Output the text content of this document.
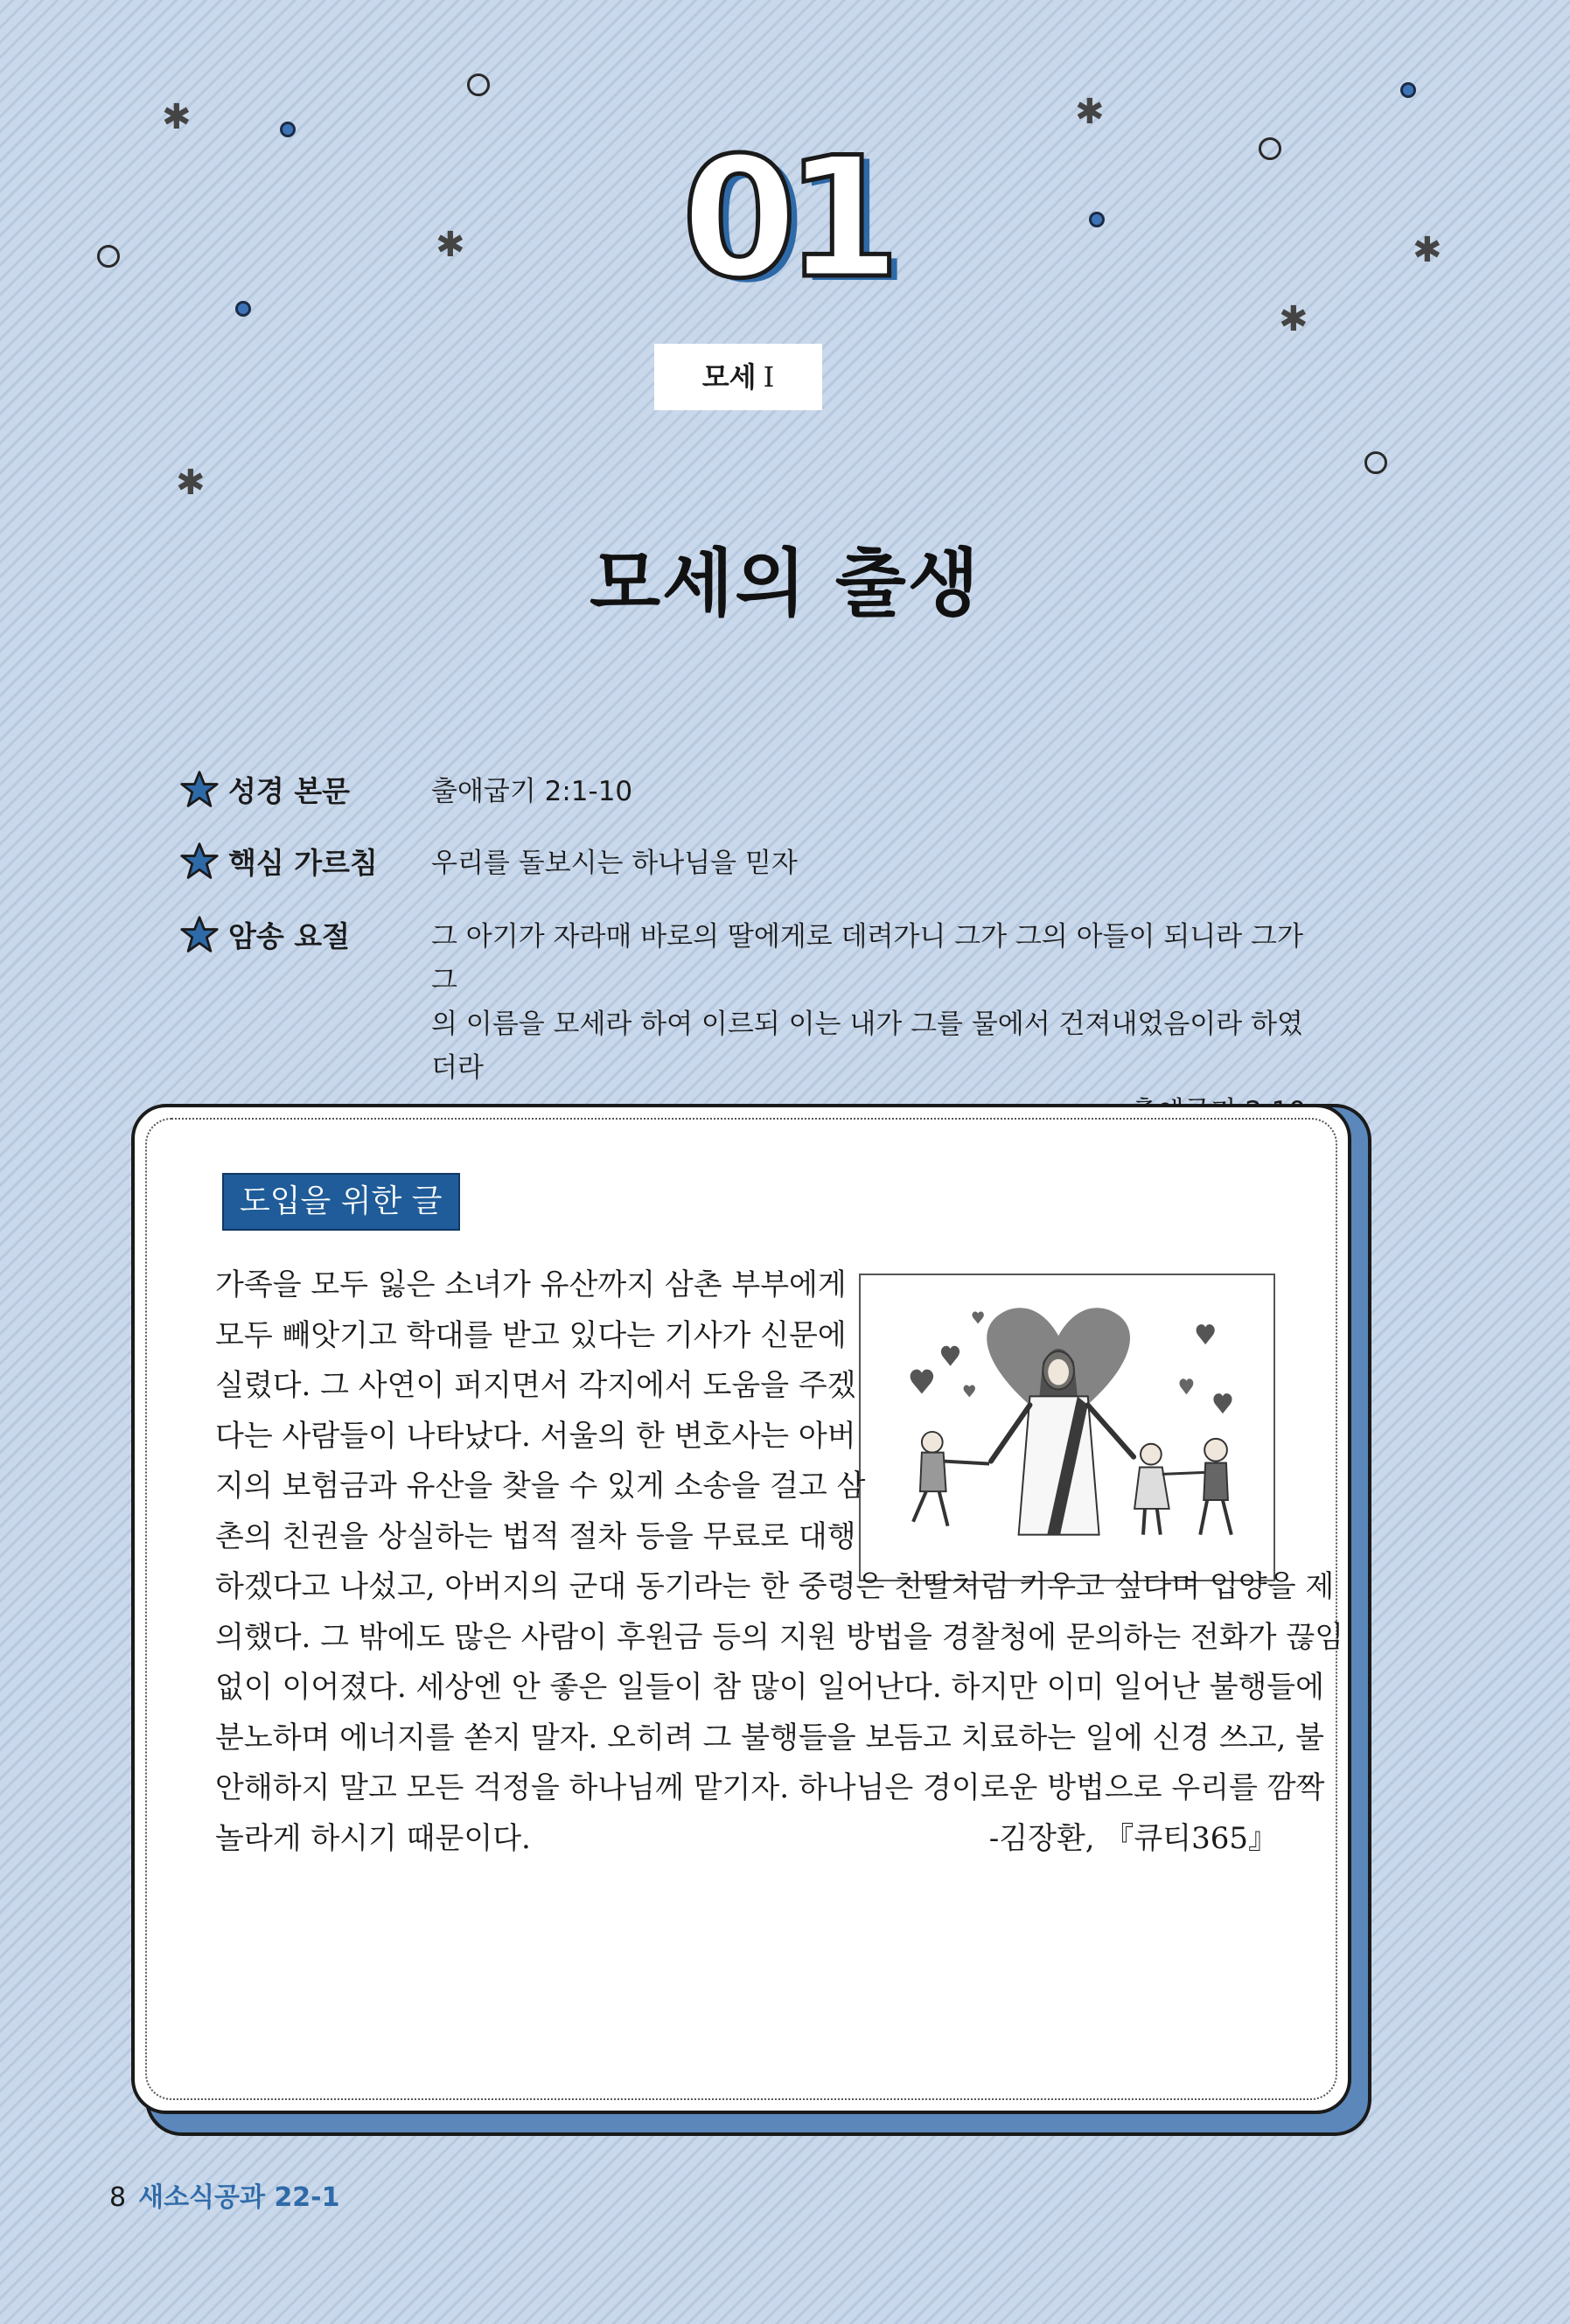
✱
✱
✱
✱
✱
✱
01
모세 Ⅰ
모세의 출생
성경 본문	출애굽기 2:1-10
핵심 가르침	우리를 돌보시는 하나님을 믿자
암송 요절	그 아기가 자라매 바로의 딸에게로 데려가니 그가 그의 아들이 되니라 그가 그
의 이름을 모세라 하여 이르되 이는 내가 그를 물에서 건져내었음이라 하였더라
도입을 위한 글
가족을 모두 잃은 소녀가 유산까지 삼촌 부부에게
모두 빼앗기고 학대를 받고 있다는 기사가 신문에
실렸다. 그 사연이 퍼지면서 각지에서 도움을 주겠
다는 사람들이 나타났다. 서울의 한 변호사는 아버
지의 보험금과 유산을 찾을 수 있게 소송을 걸고 삼
촌의 친권을 상실하는 법적 절차 등을 무료로 대행
하겠다고 나섰고, 아버지의 군대 동기라는 한 중령은 친딸처럼 키우고 싶다며 입양을 제
의했다. 그 밖에도 많은 사람이 후원금 등의 지원 방법을 경찰청에 문의하는 전화가 끊임
없이 이어졌다. 세상엔 안 좋은 일들이 참 많이 일어난다. 하지만 이미 일어난 불행들에
분노하며 에너지를 쏟지 말자. 오히려 그 불행들을 보듬고 치료하는 일에 신경 쓰고, 불
안해하지 말고 모든 걱정을 하나님께 맡기자. 하나님은 경이로운 방법으로 우리를 깜짝
놀라게 하시기 때문이다.	-김장환, 『큐티365』
8 새소식공과 22-1
